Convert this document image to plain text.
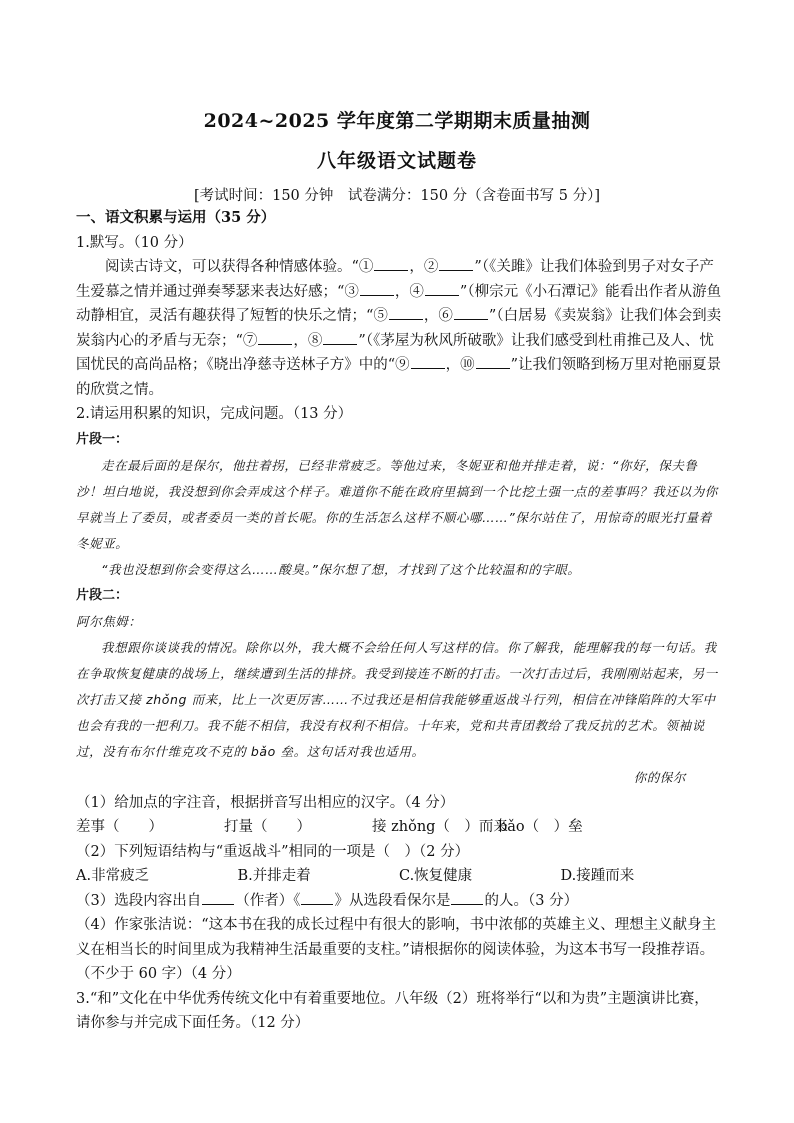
2024~2025 学年度第二学期期末质量抽测
八年级语文试题卷
[考试时间：150 分钟　试卷满分：150 分（含卷面书写 5 分）]
一、语文积累与运用（35 分）

1.默写。（10 分）

阅读古诗文，可以获得各种情感体验。“① ，② ”（《关雎》让我们体验到男子对女子产生爱慕之情并通过弹奏琴瑟来表达好感；“③ ，④ ”（柳宗元《小石潭记》能看出作者从游鱼动静相宜，灵活有趣获得了短暂的快乐之情；“⑤ ，⑥ ”（白居易《卖炭翁》让我们体会到卖炭翁内心的矛盾与无奈；“⑦ ，⑧ ”（《茅屋为秋风所破歌》让我们感受到杜甫推己及人、忧国忧民的高尚品格；《晓出净慈寺送林子方》中的“⑨ ，⑩ ”让我们领略到杨万里对艳丽夏景的欣赏之情。

2.请运用积累的知识，完成问题。（13 分）

片段一：

走在最后面的是保尔，他拄着拐，已经非常疲乏。等他过来，冬妮亚和他并排走着，说：“你好，保夫鲁沙！坦白地说，我没想到你会弄成这个样子。难道你不能在政府里搞到一个比挖土强一点的差事吗？我还以为你早就当上了委员，或者委员一类的首长呢。你的生活怎么这样不顺心哪……”保尔站住了，用惊奇的眼光打量着冬妮亚。

“我也没想到你会变得这么……酸臭。”保尔想了想，才找到了这个比较温和的字眼。

片段二：

阿尔焦姆：

我想跟你谈谈我的情况。除你以外，我大概不会给任何人写这样的信。你了解我，能理解我的每一句话。我在争取恢复健康的战场上，继续遭到生活的排挤。我受到接连不断的打击。一次打击过后，我刚刚站起来，另一次打击又接 zhǒng 而来，比上一次更厉害……不过我还是相信我能够重返战斗行列，相信在冲锋陷阵的大军中也会有我的一把利刀。我不能不相信，我没有权利不相信。十年来，党和共青团教给了我反抗的艺术。领袖说过，没有布尔什维克攻不克的 bǎo 垒。这句话对我也适用。

你的保尔

（1）给加点的字注音，根据拼音写出相应的汉字。（4 分）

差事（　　）	打量（　　）	接 zhǒng（　）而来
bǎo（　）垒

（2）下列短语结构与“重返战斗”相同的一项是（　）（2 分）

A.非常疲乏	B.并排走着	C.恢复健康	D.接踵而来

（3）选段内容出自 （作者）《 》从选段看保尔是 的人。（3 分）

（4）作家张洁说：“这本书在我的成长过程中有很大的影响，书中浓郁的英雄主义、理想主义献身主义在相当长的时间里成为我精神生活最重要的支柱。”请根据你的阅读体验，为这本书写一段推荐语。（不少于 60 字）（4 分）

3.“和”文化在中华优秀传统文化中有着重要地位。八年级（2）班将举行“以和为贵”主题演讲比赛，请你参与并完成下面任务。（12 分）
